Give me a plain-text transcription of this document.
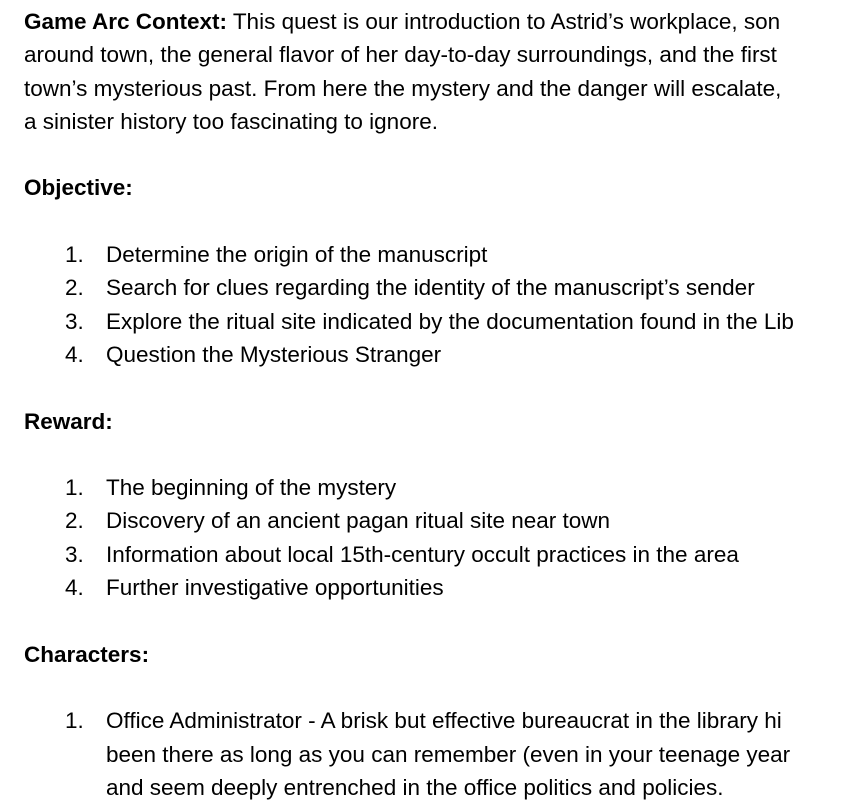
Game Arc Context: This quest is our introduction to Astrid’s workplace, son
around town, the general flavor of her day-to-day surroundings, and the first
town’s mysterious past. From here the mystery and the danger will escalate,
a sinister history too fascinating to ignore.
Objective:
1. Determine the origin of the manuscript
2. Search for clues regarding the identity of the manuscript’s sender
3. Explore the ritual site indicated by the documentation found in the Lib
4. Question the Mysterious Stranger
Reward:
1. The beginning of the mystery
2. Discovery of an ancient pagan ritual site near town
3. Information about local 15th-century occult practices in the area
4. Further investigative opportunities
Characters:
1. Office Administrator - A brisk but effective bureaucrat in the library hi
been there as long as you can remember (even in your teenage year
and seem deeply entrenched in the office politics and policies.
